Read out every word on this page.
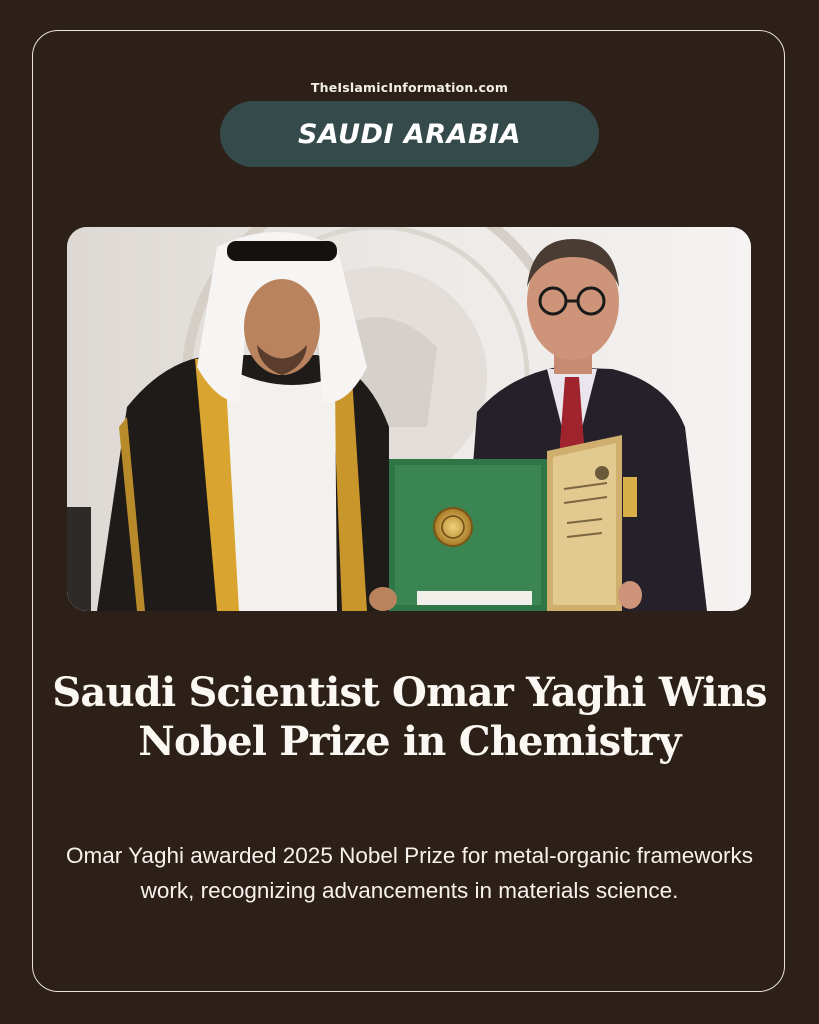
TheIslamicInformation.com
SAUDI ARABIA
Saudi Scientist Omar Yaghi Wins Nobel Prize in Chemistry
Omar Yaghi awarded 2025 Nobel Prize for metal-organic frameworks work, recognizing advancements in materials science.
